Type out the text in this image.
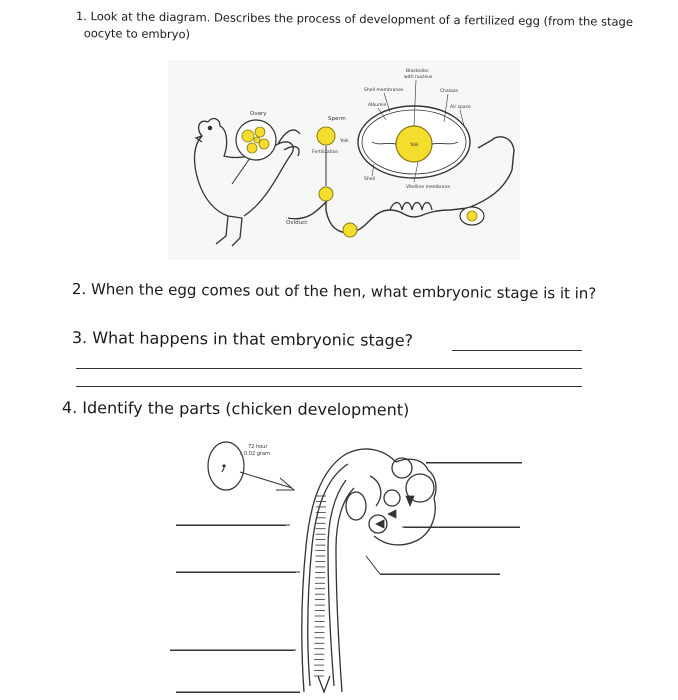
1. Look at the diagram. Describes the process of development of a fertilized egg (from the stage
oocyte to embryo)
Ovary
Oviduct
Sperm
Yolk
Fertilization
Yolk
Blastodisc
with nucleus
Shell membranes	Chalaza
Albumin	Air space
Shell
Vitelline membrane
2. When the egg comes out of the hen, what embryonic stage is it in?
3. What happens in that embryonic stage?
4. Identify the parts (chicken development)
72 hour
0.02 gram
